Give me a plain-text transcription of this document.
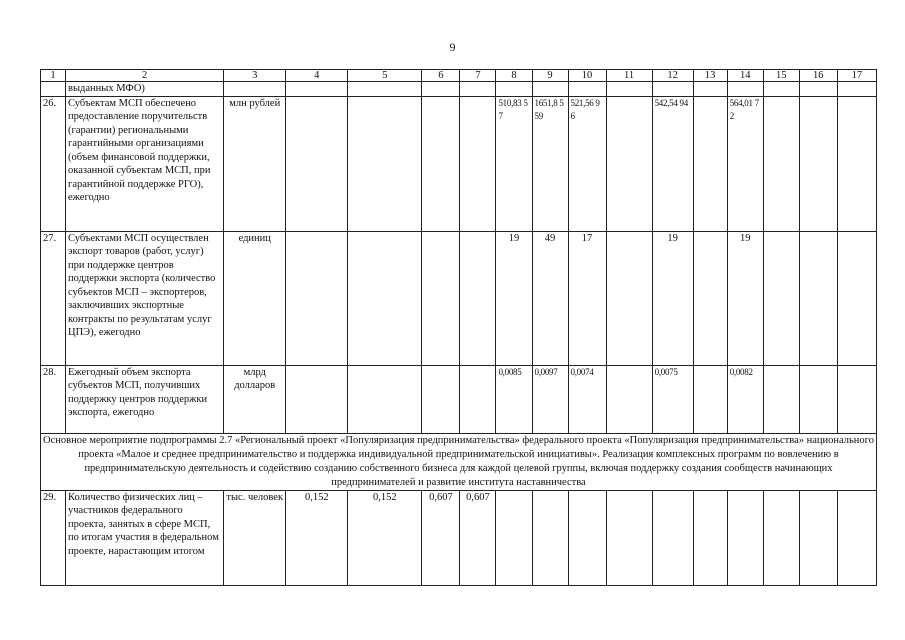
9
1	2	3	4	5	6	7	8	9	10	11	12	13	14	15	16	17
	выданных МФО)															
26.	Субъектам МСП обеспечено предоставление поручительств (гарантии) региональными гарантийными организациями (объем финансовой поддержки, оказанной субъектам МСП, при гарантийной поддержке РГО), ежегодно	млн рублей					510,83 57	1651,8 559	521,56 96		542,54 94		564,01 72			
27.	Субъектами МСП осуществлен экспорт товаров (работ, услуг) при поддержке центров поддержки экспорта (количество субъектов МСП – экспортеров, заключивших экспортные контракты по результатам услуг ЦПЭ), ежегодно	единиц					19	49	17		19		19			
28.	Ежегодный объем экспорта субъектов МСП, получивших поддержку центров поддержки экспорта, ежегодно	млрд долларов					0,0085	0,0097	0,0074		0,0075		0,0082			
Основное мероприятие подпрограммы 2.7 «Региональный проект «Популяризация предпринимательства» федерального проекта «Популяризация предпринимательства» национального проекта «Малое и среднее предпринимательство и поддержка индивидуальной предпринимательской инициативы». Реализация комплексных программ по вовлечению в предпринимательскую деятельность и содействию созданию собственного бизнеса для каждой целевой группы, включая поддержку создания сообществ начинающих предпринимателей и развитие института наставничества																
29.	Количество физических лиц – участников федерального проекта, занятых в сфере МСП, по итогам участия в федеральном проекте, нарастающим итогом	тыс. человек	0,152	0,152	0,607	0,607										
